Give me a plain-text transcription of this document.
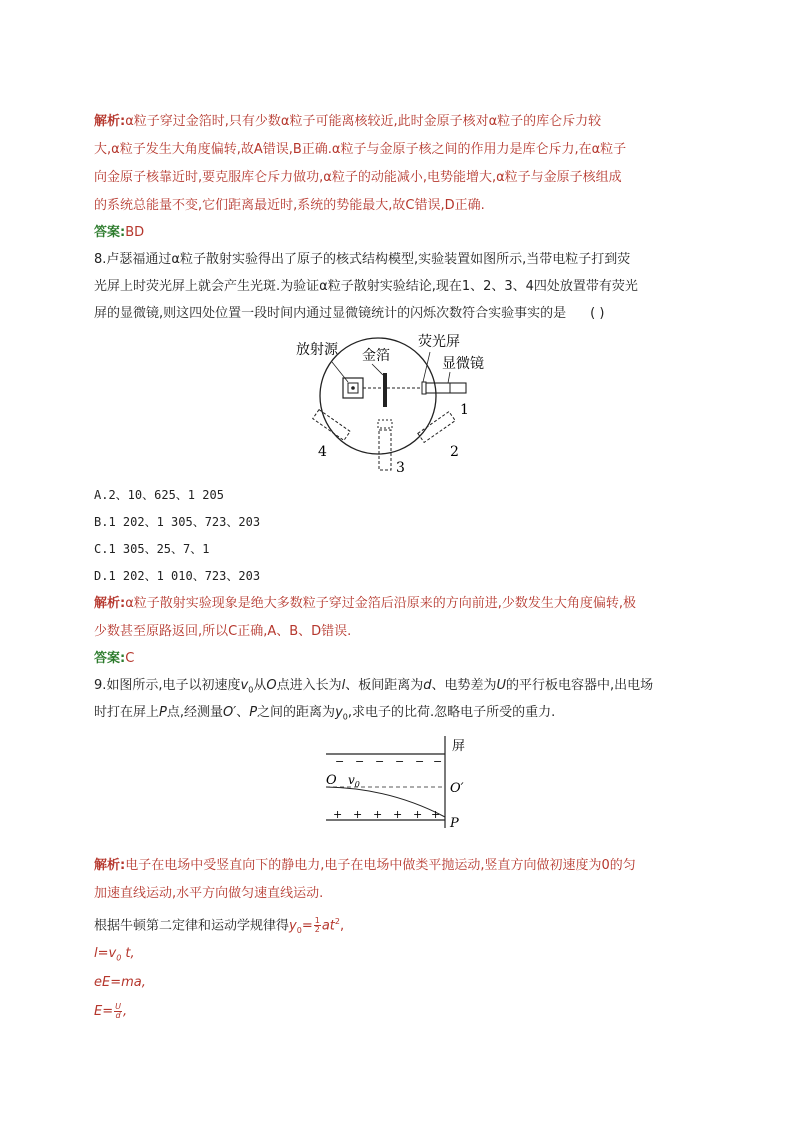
解析:α粒子穿过金箔时,只有少数α粒子可能离核较近,此时金原子核对α粒子的库仑斥力较
大,α粒子发生大角度偏转,故A错误,B正确.α粒子与金原子核之间的作用力是库仑斥力,在α粒子
向金原子核靠近时,要克服库仑斥力做功,α粒子的动能减小,电势能增大,α粒子与金原子核组成
的系统总能量不变,它们距离最近时,系统的势能最大,故C错误,D正确.
答案:BD
8.卢瑟福通过α粒子散射实验得出了原子的核式结构模型,实验装置如图所示,当带电粒子打到荧
光屏上时荧光屏上就会产生光斑.为验证α粒子散射实验结论,现在1、2、3、4四处放置带有荧光
屏的显微镜,则这四处位置一段时间内通过显微镜统计的闪烁次数符合实验事实的是 ( )
放射源 金箔
荧光屏
显微镜
1
2
3
4
A.2、10、625、1 205
B.1 202、1 305、723、203
C.1 305、25、7、1
D.1 202、1 010、723、203
解析:α粒子散射实验现象是绝大多数粒子穿过金箔后沿原来的方向前进,少数发生大角度偏转,极
少数甚至原路返回,所以C正确,A、B、D错误.
答案:C
9.如图所示,电子以初速度$v_0$从O点进入长为l、板间距离为d、电势差为U的平行板电容器中,出电场
时打在屏上P点,经测量O′、P之间的距离为$y_0$,求电子的比荷.忽略电子所受的重力.
− − − − − −
+ + + + + +
屏
O $v_0$	O′
P
解析:电子在电场中受竖直向下的静电力,电子在电场中做类平抛运动,竖直方向做初速度为0的匀
加速直线运动,水平方向做匀速直线运动.
根据牛顿第二定律和运动学规律得$y_0= \frac{1}{2} at^2$,
$l=v_0$ t,
eE=ma,
$E= \frac{U}{d}$ ,
